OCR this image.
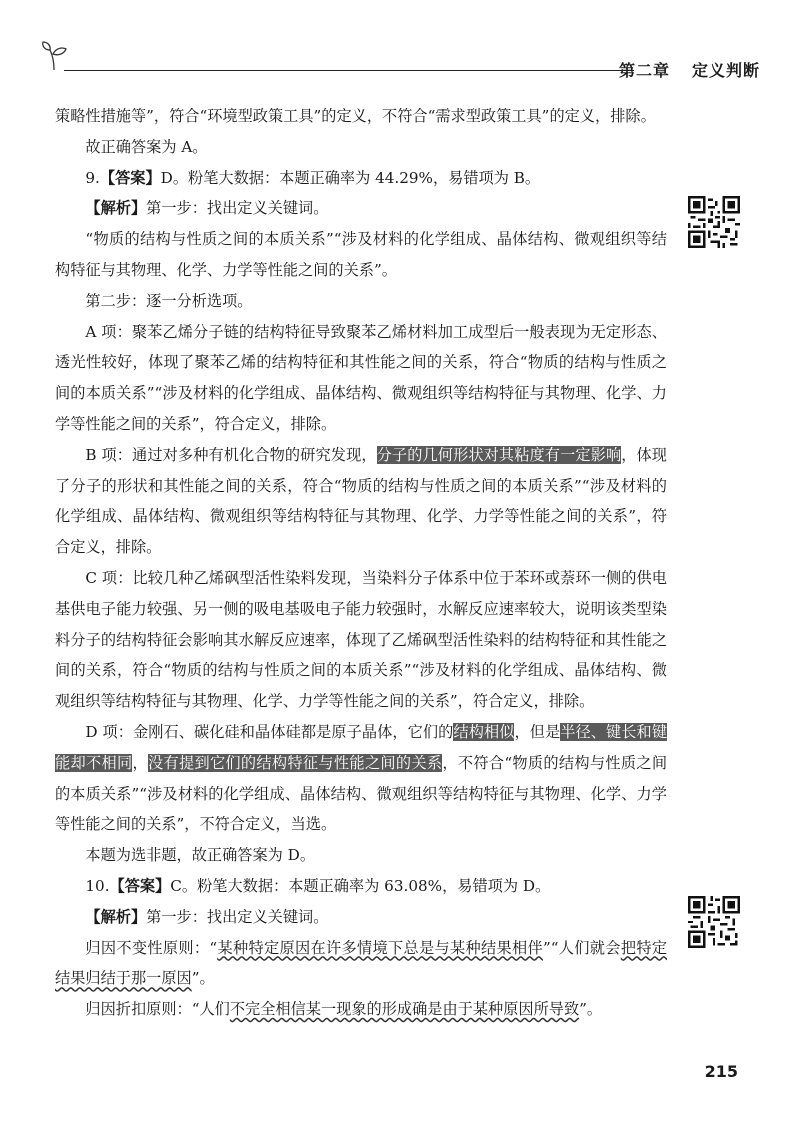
第二章 定义判断

策略性措施等”，符合“环境型政策工具”的定义，不符合“需求型政策工具”的定义，排除。

故正确答案为 A。

9.【答案】D。粉笔大数据：本题正确率为 44.29%，易错项为 B。

【解析】第一步：找出定义关键词。

“物质的结构与性质之间的本质关系”“涉及材料的化学组成、晶体结构、微观组织等结构特征与其物理、化学、力学等性能之间的关系”。

第二步：逐一分析选项。

A 项：聚苯乙烯分子链的结构特征导致聚苯乙烯材料加工成型后一般表现为无定形态、透光性较好，体现了聚苯乙烯的结构特征和其性能之间的关系，符合“物质的结构与性质之间的本质关系”“涉及材料的化学组成、晶体结构、微观组织等结构特征与其物理、化学、力学等性能之间的关系”，符合定义，排除。

B 项：通过对多种有机化合物的研究发现，分子的几何形状对其粘度有一定影响，体现了分子的形状和其性能之间的关系，符合“物质的结构与性质之间的本质关系”“涉及材料的化学组成、晶体结构、微观组织等结构特征与其物理、化学、力学等性能之间的关系”，符合定义，排除。

C 项：比较几种乙烯砜型活性染料发现，当染料分子体系中位于苯环或萘环一侧的供电基供电子能力较强、另一侧的吸电基吸电子能力较强时，水解反应速率较大，说明该类型染料分子的结构特征会影响其水解反应速率，体现了乙烯砜型活性染料的结构特征和其性能之间的关系，符合“物质的结构与性质之间的本质关系”“涉及材料的化学组成、晶体结构、微观组织等结构特征与其物理、化学、力学等性能之间的关系”，符合定义，排除。

D 项：金刚石、碳化硅和晶体硅都是原子晶体，它们的结构相似，但是半径、键长和键能却不相同，没有提到它们的结构特征与性能之间的关系，不符合“物质的结构与性质之间的本质关系”“涉及材料的化学组成、晶体结构、微观组织等结构特征与其物理、化学、力学等性能之间的关系”，不符合定义，当选。

本题为选非题，故正确答案为 D。

10.【答案】C。粉笔大数据：本题正确率为 63.08%，易错项为 D。

【解析】第一步：找出定义关键词。

归因不变性原则：“某种特定原因在许多情境下总是与某种结果相伴”“人们就会把特定结果归结于那一原因”。

归因折扣原则：“人们不完全相信某一现象的形成确是由于某种原因所导致”。

215
